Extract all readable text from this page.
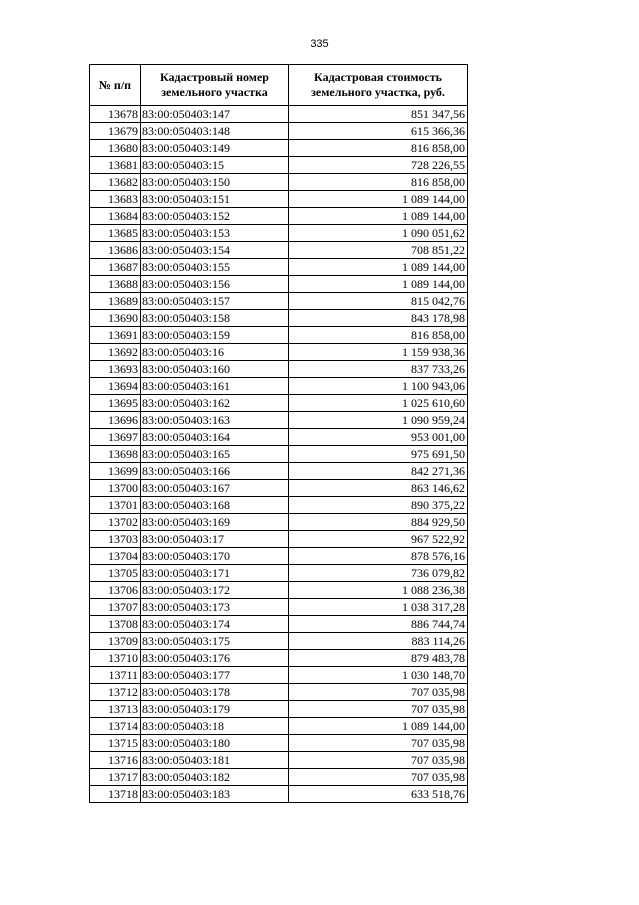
335
№ п/п	Кадастровый номер земельного участка	Кадастровая стоимость земельного участка, руб.
13678	83:00:050403:147	851 347,56
13679	83:00:050403:148	615 366,36
13680	83:00:050403:149	816 858,00
13681	83:00:050403:15	728 226,55
13682	83:00:050403:150	816 858,00
13683	83:00:050403:151	1 089 144,00
13684	83:00:050403:152	1 089 144,00
13685	83:00:050403:153	1 090 051,62
13686	83:00:050403:154	708 851,22
13687	83:00:050403:155	1 089 144,00
13688	83:00:050403:156	1 089 144,00
13689	83:00:050403:157	815 042,76
13690	83:00:050403:158	843 178,98
13691	83:00:050403:159	816 858,00
13692	83:00:050403:16	1 159 938,36
13693	83:00:050403:160	837 733,26
13694	83:00:050403:161	1 100 943,06
13695	83:00:050403:162	1 025 610,60
13696	83:00:050403:163	1 090 959,24
13697	83:00:050403:164	953 001,00
13698	83:00:050403:165	975 691,50
13699	83:00:050403:166	842 271,36
13700	83:00:050403:167	863 146,62
13701	83:00:050403:168	890 375,22
13702	83:00:050403:169	884 929,50
13703	83:00:050403:17	967 522,92
13704	83:00:050403:170	878 576,16
13705	83:00:050403:171	736 079,82
13706	83:00:050403:172	1 088 236,38
13707	83:00:050403:173	1 038 317,28
13708	83:00:050403:174	886 744,74
13709	83:00:050403:175	883 114,26
13710	83:00:050403:176	879 483,78
13711	83:00:050403:177	1 030 148,70
13712	83:00:050403:178	707 035,98
13713	83:00:050403:179	707 035,98
13714	83:00:050403:18	1 089 144,00
13715	83:00:050403:180	707 035,98
13716	83:00:050403:181	707 035,98
13717	83:00:050403:182	707 035,98
13718	83:00:050403:183	633 518,76
